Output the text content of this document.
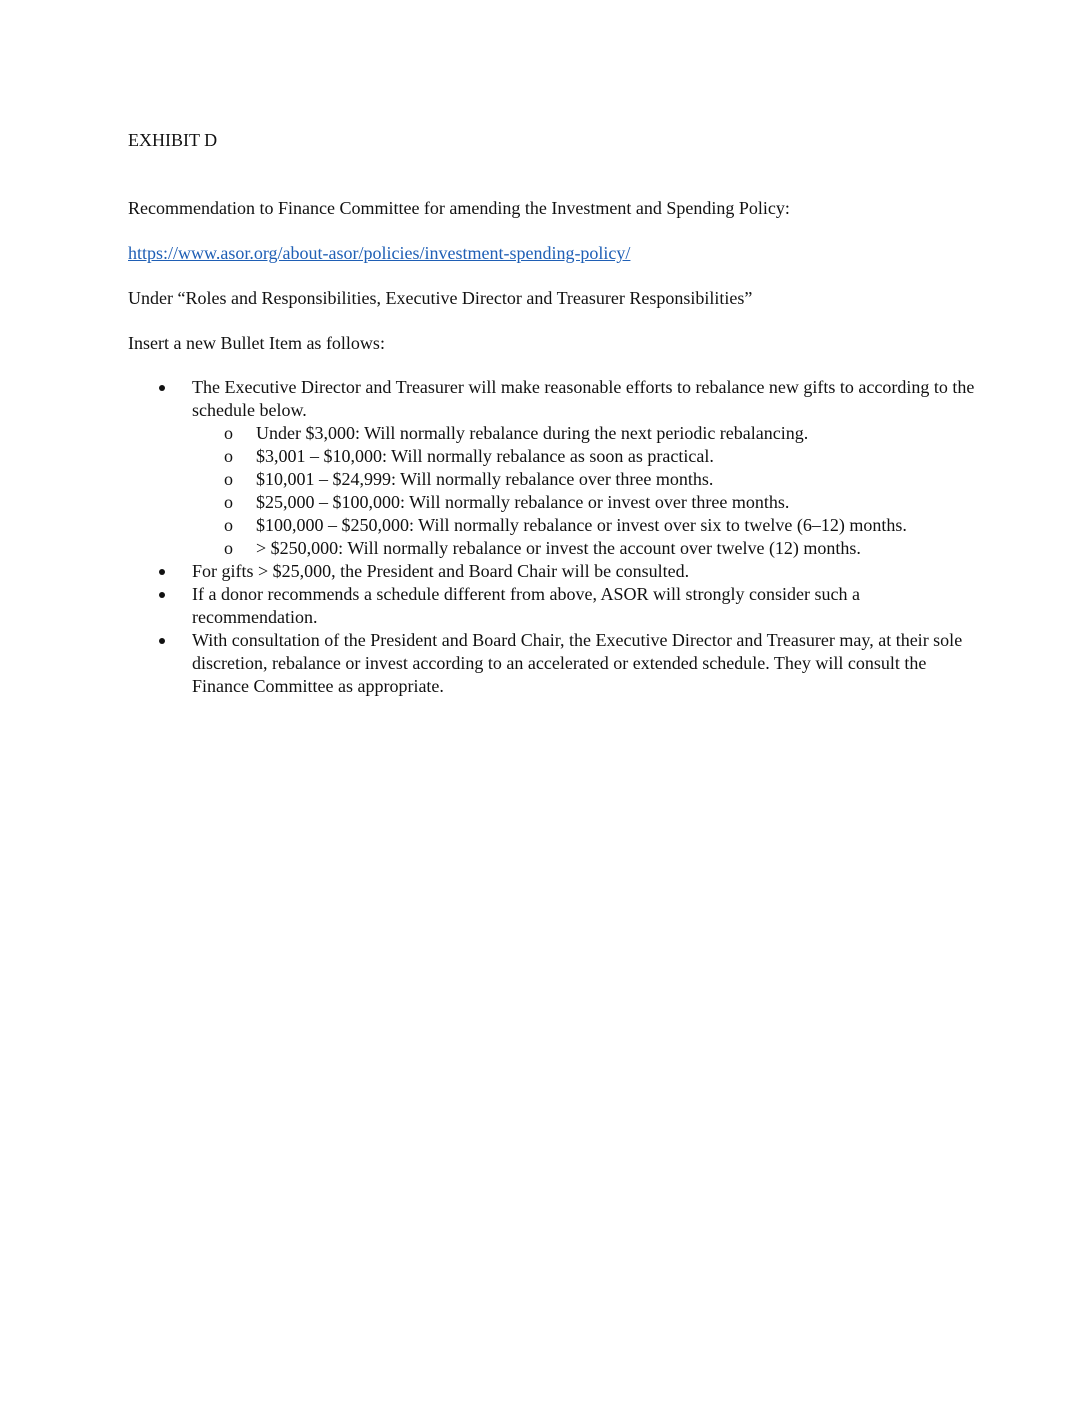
EXHIBIT D
Recommendation to Finance Committee for amending the Investment and Spending Policy:
https://www.asor.org/about-asor/policies/investment-spending-policy/
Under “Roles and Responsibilities, Executive Director and Treasurer Responsibilities”
Insert a new Bullet Item as follows:
The Executive Director and Treasurer will make reasonable efforts to rebalance new gifts to according to the schedule below.
o Under $3,000: Will normally rebalance during the next periodic rebalancing.
o $3,001 – $10,000: Will normally rebalance as soon as practical.
o $10,001 – $24,999: Will normally rebalance over three months.
o $25,000 – $100,000: Will normally rebalance or invest over three months.
o $100,000 – $250,000: Will normally rebalance or invest over six to twelve (6–12) months.
o > $250,000: Will normally rebalance or invest the account over twelve (12) months.
For gifts > $25,000, the President and Board Chair will be consulted.
If a donor recommends a schedule different from above, ASOR will strongly consider such a recommendation.
With consultation of the President and Board Chair, the Executive Director and Treasurer may, at their sole discretion, rebalance or invest according to an accelerated or extended schedule. They will consult the Finance Committee as appropriate.
